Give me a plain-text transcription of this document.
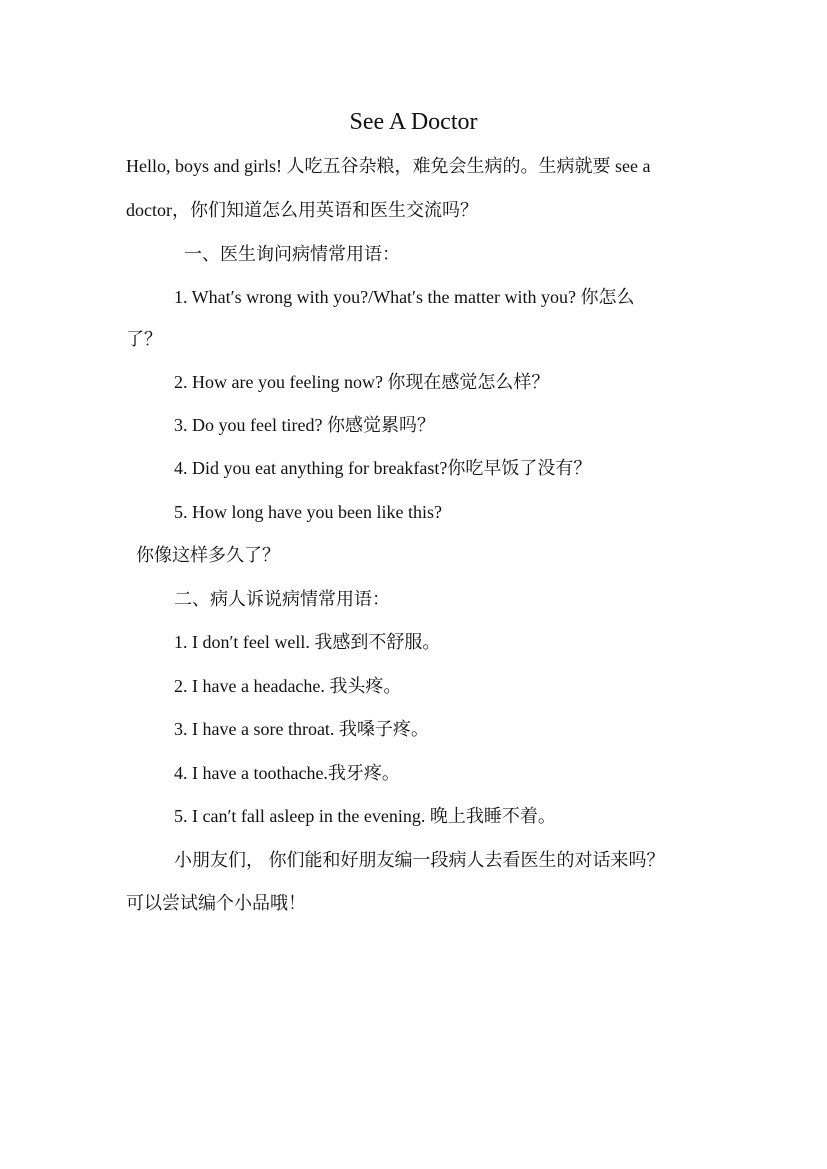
See A Doctor
Hello, boys and girls! 人吃五谷杂粮，难免会生病的。生病就要 see a
doctor，你们知道怎么用英语和医生交流吗？
一、医生询问病情常用语：
1. What′s wrong with you?/What′s the matter with you? 你怎么
了？
2. How are you feeling now? 你现在感觉怎么样？
3. Do you feel tired? 你感觉累吗？
4. Did you eat anything for breakfast?你吃早饭了没有？
5. How long have you been like this?
你像这样多久了？
二、病人诉说病情常用语：
1. I don′t feel well. 我感到不舒服。
2. I have a headache. 我头疼。
3. I have a sore throat. 我嗓子疼。
4. I have a toothache.我牙疼。
5. I can′t fall asleep in the evening. 晚上我睡不着。
小朋友们， 你们能和好朋友编一段病人去看医生的对话来吗？
可以尝试编个小品哦！
